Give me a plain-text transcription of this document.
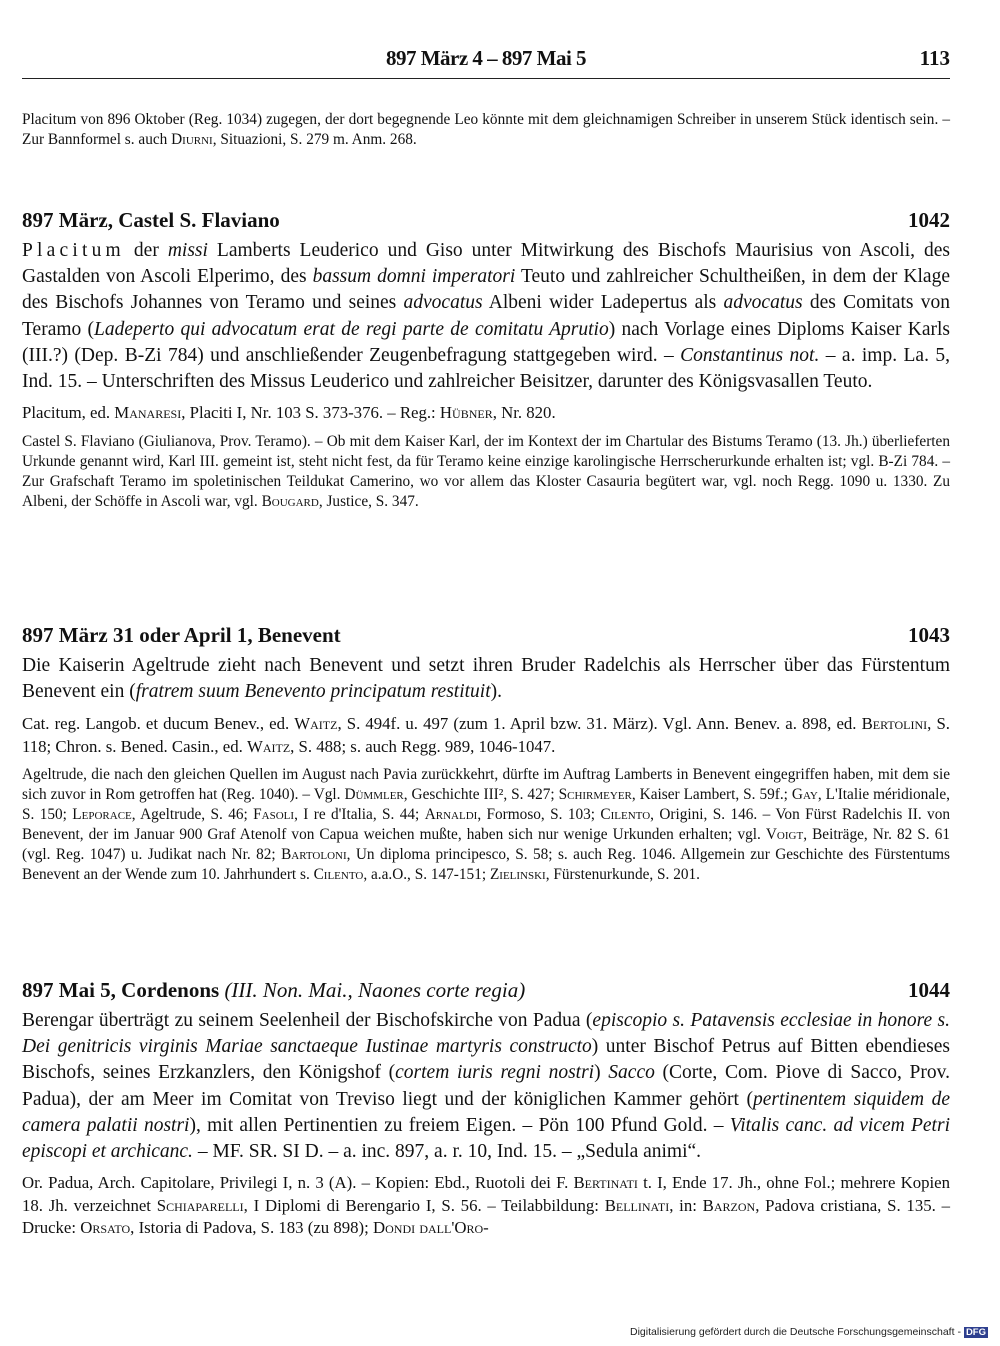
897 März 4 – 897 Mai 5	113

Placitum von 896 Oktober (Reg. 1034) zugegen, der dort begegnende Leo könnte mit dem gleichnamigen Schreiber in unserem Stück identisch sein. – Zur Bannformel s. auch Diurni, Situazioni, S. 279 m. Anm. 268.

897 März, Castel S. Flaviano	1042

Placitum der missi Lamberts Leuderico und Giso unter Mitwirkung des Bischofs Maurisius von Ascoli, des Gastalden von Ascoli Elperimo, des bassum domni imperatori Teuto und zahlreicher Schultheißen, in dem der Klage des Bischofs Johannes von Teramo und seines advocatus Albeni wider Ladepertus als advocatus des Comitats von Teramo (Ladeperto qui advocatum erat de regi parte de comitatu Aprutio) nach Vorlage eines Diploms Kaiser Karls (III.?) (Dep. B-Zi 784) und anschließender Zeugenbefragung stattgegeben wird. – Constantinus not. – a. imp. La. 5, Ind. 15. – Unterschriften des Missus Leuderico und zahlreicher Beisitzer, darunter des Königsvasallen Teuto.

Placitum, ed. Manaresi, Placiti I, Nr. 103 S. 373-376. – Reg.: Hübner, Nr. 820.

Castel S. Flaviano (Giulianova, Prov. Teramo). – Ob mit dem Kaiser Karl, der im Kontext der im Chartular des Bistums Teramo (13. Jh.) überlieferten Urkunde genannt wird, Karl III. gemeint ist, steht nicht fest, da für Teramo keine einzige karolingische Herrscherurkunde erhalten ist; vgl. B-Zi 784. – Zur Grafschaft Teramo im spoletinischen Teildukat Camerino, wo vor allem das Kloster Casauria begütert war, vgl. noch Regg. 1090 u. 1330. Zu Albeni, der Schöffe in Ascoli war, vgl. Bougard, Justice, S. 347.

897 März 31 oder April 1, Benevent	1043

Die Kaiserin Ageltrude zieht nach Benevent und setzt ihren Bruder Radelchis als Herrscher über das Fürstentum Benevent ein (fratrem suum Benevento principatum restituit).

Cat. reg. Langob. et ducum Benev., ed. Waitz, S. 494f. u. 497 (zum 1. April bzw. 31. März). Vgl. Ann. Benev. a. 898, ed. Bertolini, S. 118; Chron. s. Bened. Casin., ed. Waitz, S. 488; s. auch Regg. 989, 1046-1047.

Ageltrude, die nach den gleichen Quellen im August nach Pavia zurückkehrt, dürfte im Auftrag Lamberts in Benevent eingegriffen haben, mit dem sie sich zuvor in Rom getroffen hat (Reg. 1040). – Vgl. Dümmler, Geschichte III², S. 427; Schirmeyer, Kaiser Lambert, S. 59f.; Gay, L'Italie méridionale, S. 150; Leporace, Ageltrude, S. 46; Fasoli, I re d'Italia, S. 44; Arnaldi, Formoso, S. 103; Cilento, Origini, S. 146. – Von Fürst Radelchis II. von Benevent, der im Januar 900 Graf Atenolf von Capua weichen mußte, haben sich nur wenige Urkunden erhalten; vgl. Voigt, Beiträge, Nr. 82 S. 61 (vgl. Reg. 1047) u. Judikat nach Nr. 82; Bartoloni, Un diploma principesco, S. 58; s. auch Reg. 1046. Allgemein zur Geschichte des Fürstentums Benevent an der Wende zum 10. Jahrhundert s. Cilento, a.a.O., S. 147-151; Zielinski, Fürstenurkunde, S. 201.

897 Mai 5, Cordenons (III. Non. Mai., Naones corte regia)	1044

Berengar überträgt zu seinem Seelenheil der Bischofskirche von Padua (episcopio s. Patavensis ecclesiae in honore s. Dei genitricis virginis Mariae sanctaeque Iustinae martyris constructo) unter Bischof Petrus auf Bitten ebendieses Bischofs, seines Erzkanzlers, den Königshof (cortem iuris regni nostri) Sacco (Corte, Com. Piove di Sacco, Prov. Padua), der am Meer im Comitat von Treviso liegt und der königlichen Kammer gehört (pertinentem siquidem de camera palatii nostri), mit allen Pertinentien zu freiem Eigen. – Pön 100 Pfund Gold. – Vitalis canc. ad vicem Petri episcopi et archicanc. – MF. SR. SI D. – a. inc. 897, a. r. 10, Ind. 15. – „Sedula animi“.

Or. Padua, Arch. Capitolare, Privilegi I, n. 3 (A). – Kopien: Ebd., Ruotoli dei F. Bertinati t. I, Ende 17. Jh., ohne Fol.; mehrere Kopien 18. Jh. verzeichnet Schiaparelli, I Diplomi di Berengario I, S. 56. – Teilabbildung: Bellinati, in: Barzon, Padova cristiana, S. 135. – Drucke: Orsato, Istoria di Padova, S. 183 (zu 898); Dondi dall'Oro-

Digitalisierung gefördert durch die Deutsche Forschungsgemeinschaft - DFG
